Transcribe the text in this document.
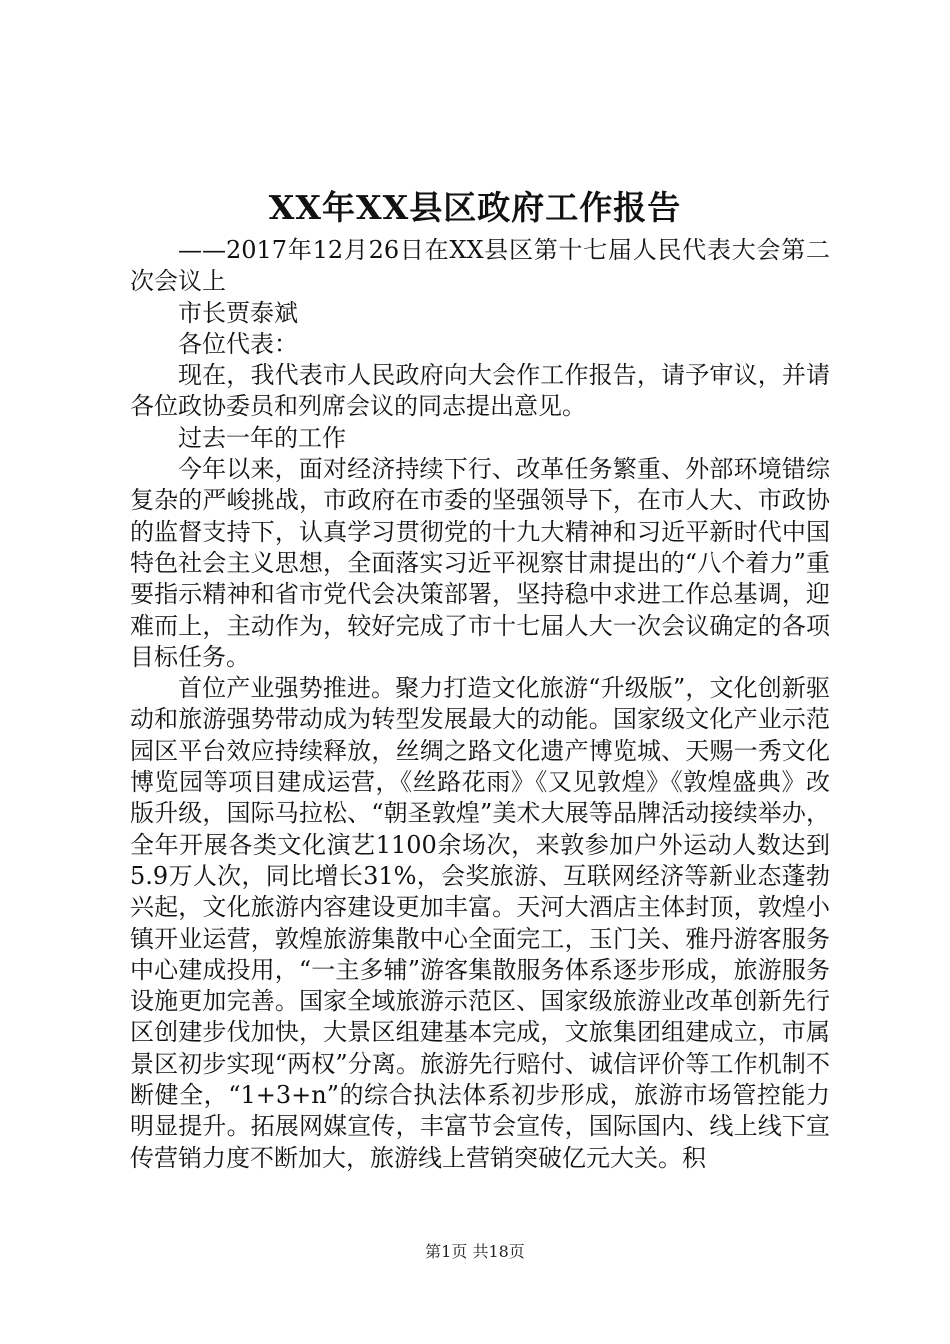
XX年XX县区政府工作报告

——2017年12月26日在XX县区第十七届人民代表大会第二次会议上

市长贾泰斌

各位代表：

现在，我代表市人民政府向大会作工作报告，请予审议，并请各位政协委员和列席会议的同志提出意见。

过去一年的工作

今年以来，面对经济持续下行、改革任务繁重、外部环境错综复杂的严峻挑战，市政府在市委的坚强领导下，在市人大、市政协的监督支持下，认真学习贯彻党的十九大精神和习近平新时代中国特色社会主义思想，全面落实习近平视察甘肃提出的“八个着力”重要指示精神和省市党代会决策部署，坚持稳中求进工作总基调，迎难而上，主动作为，较好完成了市十七届人大一次会议确定的各项目标任务。

首位产业强势推进。聚力打造文化旅游“升级版”，文化创新驱动和旅游强势带动成为转型发展最大的动能。国家级文化产业示范园区平台效应持续释放，丝绸之路文化遗产博览城、天赐一秀文化博览园等项目建成运营，《丝路花雨》《又见敦煌》《敦煌盛典》改版升级，国际马拉松、“朝圣敦煌”美术大展等品牌活动接续举办，全年开展各类文化演艺1100余场次，来敦参加户外运动人数达到5.9万人次，同比增长31%，会奖旅游、互联网经济等新业态蓬勃兴起，文化旅游内容建设更加丰富。天河大酒店主体封顶，敦煌小镇开业运营，敦煌旅游集散中心全面完工，玉门关、雅丹游客服务中心建成投用，“一主多辅”游客集散服务体系逐步形成，旅游服务设施更加完善。国家全域旅游示范区、国家级旅游业改革创新先行区创建步伐加快，大景区组建基本完成，文旅集团组建成立，市属景区初步实现“两权”分离。旅游先行赔付、诚信评价等工作机制不断健全，“1+3+n”的综合执法体系初步形成，旅游市场管控能力明显提升。拓展网媒宣传，丰富节会宣传，国际国内、线上线下宣传营销力度不断加大，旅游线上营销突破亿元大关。积

第1页 共18页
